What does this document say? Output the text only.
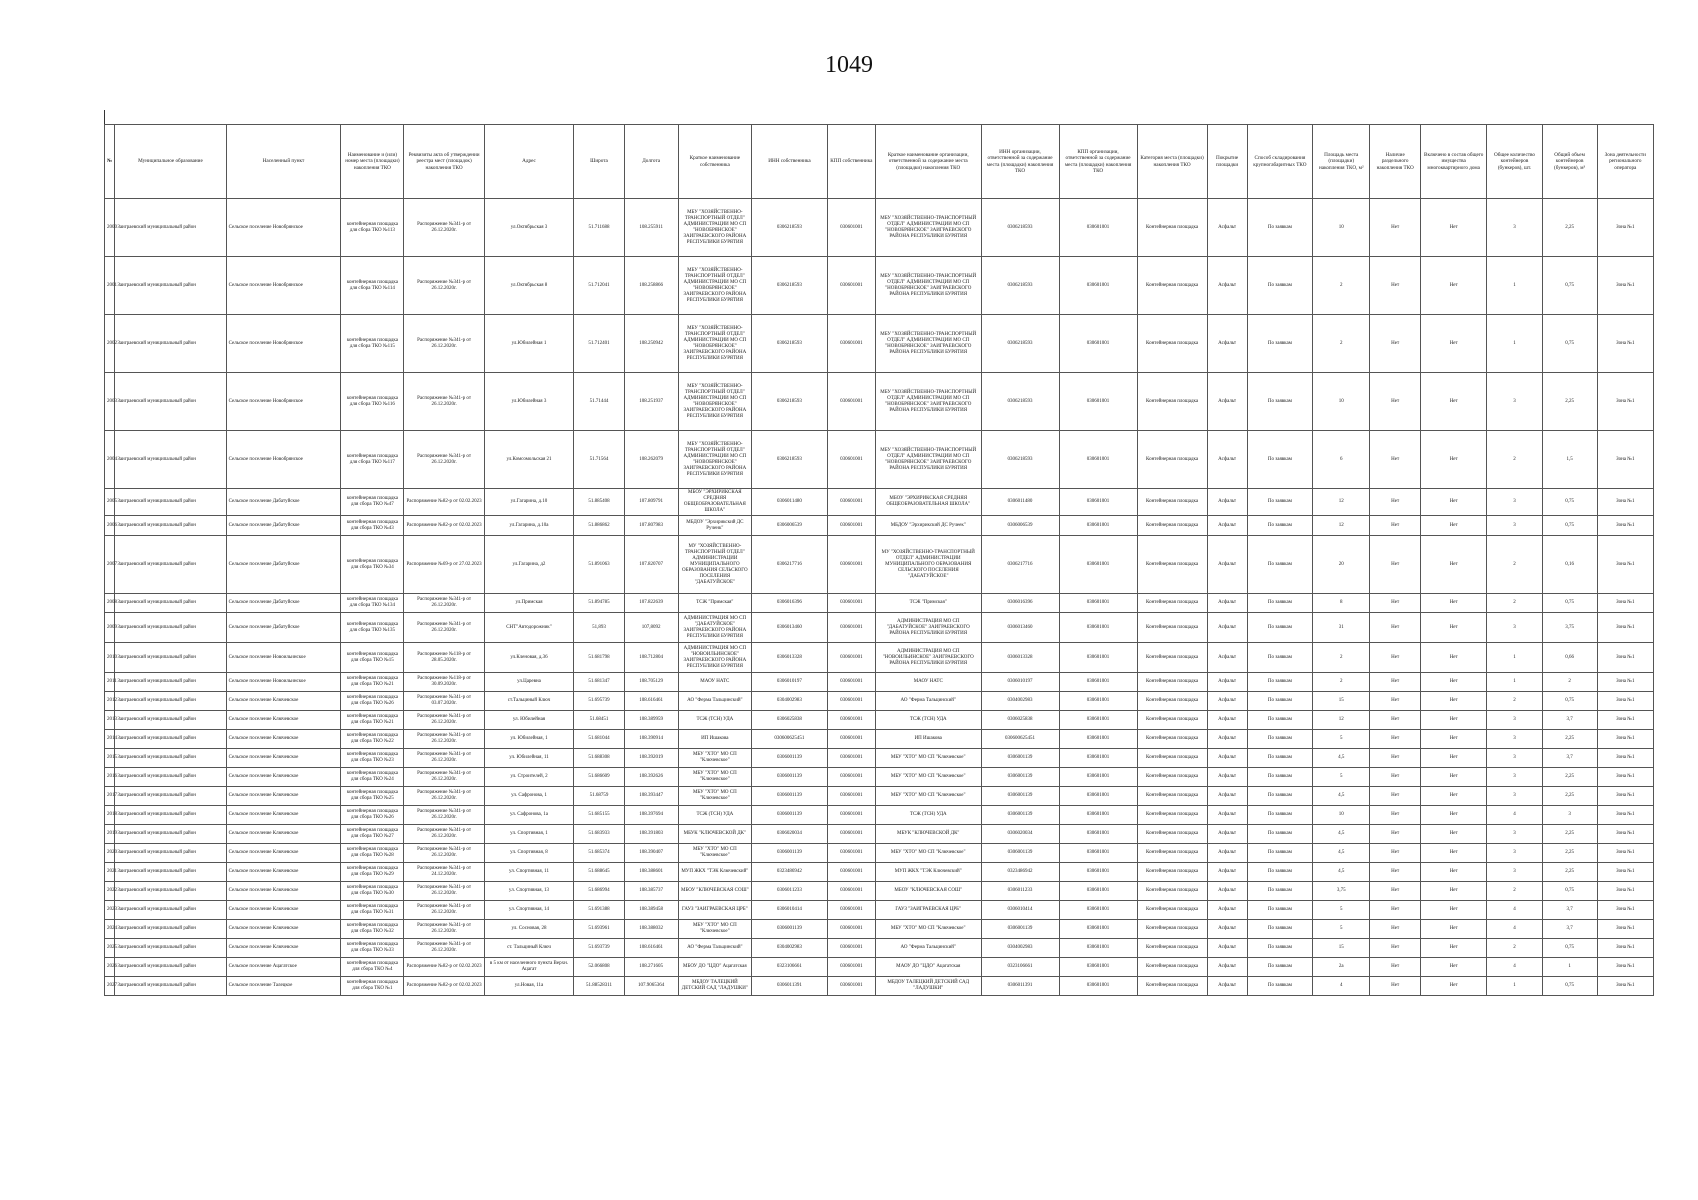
1049
№	Муниципальное образование	Населенный пункт	Наименование и (или) номер места (площадки) накопления ТКО	Реквизиты акта об утверждении реестра мест (площадок) накопления ТКО	Адрес	Широта	Долгота	Краткое наименование собственника	ИНН собственника	КПП собственника	Краткое наименование организации, ответственной за содержание места (площадки) накопления ТКО	ИНН организации, ответственной за содержание места (площадки) накопления ТКО	КПП организации, ответственной за содержание места (площадки) накопления ТКО	Категория места (площадки) накопления ТКО	Покрытие площадки	Способ складирования крупногабаритных ТКО	Площадь места (площадки) накопления ТКО, м²	Наличие раздельного накопления ТКО	Включено в состав общего имущества многоквартирного дома	Общее количество контейнеров (бункеров), шт.	Общий объем контейнеров (бункеров), м³	Зона деятельности регионального оператора
2000	Заиграевский муниципальный район	Сельское поселение Новобрянское	контейнерная площадка для сбора ТКО №113	Распоряжение №341-р от 26.12.2020г.	ул.Октябрьская 3	51.711688	108.255911	МБУ "ХОЗЯЙСТВЕННО-ТРАНСПОРТНЫЙ ОТДЕЛ" АДМИНИСТРАЦИИ МО СП "НОВОБРЯНСКОЕ" ЗАИГРАЕВСКОГО РАЙОНА РЕСПУБЛИКИ БУРЯТИЯ	0306218593	030601001	МБУ "ХОЗЯЙСТВЕННО-ТРАНСПОРТНЫЙ ОТДЕЛ" АДМИНИСТРАЦИИ МО СП "НОВОБРЯНСКОЕ" ЗАИГРАЕВСКОГО РАЙОНА РЕСПУБЛИКИ БУРЯТИЯ	0306218593	030601001	Контейнерная площадка	Асфальт	По заявкам	10	Нет	Нет	3	2,25	Зона №1
2001	Заиграевский муниципальный район	Сельское поселение Новобрянское	контейнерная площадка для сбора ТКО №114	Распоряжение №341-р от 26.12.2020г.	ул.Октябрьская 8	51.712041	108.258866	МБУ "ХОЗЯЙСТВЕННО-ТРАНСПОРТНЫЙ ОТДЕЛ" АДМИНИСТРАЦИИ МО СП "НОВОБРЯНСКОЕ" ЗАИГРАЕВСКОГО РАЙОНА РЕСПУБЛИКИ БУРЯТИЯ	0306218593	030601001	МБУ "ХОЗЯЙСТВЕННО-ТРАНСПОРТНЫЙ ОТДЕЛ" АДМИНИСТРАЦИИ МО СП "НОВОБРЯНСКОЕ" ЗАИГРАЕВСКОГО РАЙОНА РЕСПУБЛИКИ БУРЯТИЯ	0306218593	030601001	Контейнерная площадка	Асфальт	По заявкам	2	Нет	Нет	1	0,75	Зона №1
2002	Заиграевский муниципальный район	Сельское поселение Новобрянское	контейнерная площадка для сбора ТКО №115	Распоряжение №341-р от 26.12.2020г.	ул.Юбилейная 1	51.712401	108.250942	МБУ "ХОЗЯЙСТВЕННО-ТРАНСПОРТНЫЙ ОТДЕЛ" АДМИНИСТРАЦИИ МО СП "НОВОБРЯНСКОЕ" ЗАИГРАЕВСКОГО РАЙОНА РЕСПУБЛИКИ БУРЯТИЯ	0306218593	030601001	МБУ "ХОЗЯЙСТВЕННО-ТРАНСПОРТНЫЙ ОТДЕЛ" АДМИНИСТРАЦИИ МО СП "НОВОБРЯНСКОЕ" ЗАИГРАЕВСКОГО РАЙОНА РЕСПУБЛИКИ БУРЯТИЯ	0306218593	030601001	Контейнерная площадка	Асфальт	По заявкам	2	Нет	Нет	1	0,75	Зона №1
2003	Заиграевский муниципальный район	Сельское поселение Новобрянское	контейнерная площадка для сбора ТКО №116	Распоряжение №341-р от 26.12.2020г.	ул.Юбилейная 3	51.71444	108.251937	МБУ "ХОЗЯЙСТВЕННО-ТРАНСПОРТНЫЙ ОТДЕЛ" АДМИНИСТРАЦИИ МО СП "НОВОБРЯНСКОЕ" ЗАИГРАЕВСКОГО РАЙОНА РЕСПУБЛИКИ БУРЯТИЯ	0306218593	030601001	МБУ "ХОЗЯЙСТВЕННО-ТРАНСПОРТНЫЙ ОТДЕЛ" АДМИНИСТРАЦИИ МО СП "НОВОБРЯНСКОЕ" ЗАИГРАЕВСКОГО РАЙОНА РЕСПУБЛИКИ БУРЯТИЯ	0306218593	030601001	Контейнерная площадка	Асфальт	По заявкам	10	Нет	Нет	3	2,25	Зона №1
2004	Заиграевский муниципальный район	Сельское поселение Новобрянское	контейнерная площадка для сбора ТКО №117	Распоряжение №341-р от 26.12.2020г.	ул.Комсомольская 21	51.71564	108.262079	МБУ "ХОЗЯЙСТВЕННО-ТРАНСПОРТНЫЙ ОТДЕЛ" АДМИНИСТРАЦИИ МО СП "НОВОБРЯНСКОЕ" ЗАИГРАЕВСКОГО РАЙОНА РЕСПУБЛИКИ БУРЯТИЯ	0306218593	030601001	МБУ "ХОЗЯЙСТВЕННО-ТРАНСПОРТНЫЙ ОТДЕЛ" АДМИНИСТРАЦИИ МО СП "НОВОБРЯНСКОЕ" ЗАИГРАЕВСКОГО РАЙОНА РЕСПУБЛИКИ БУРЯТИЯ	0306218593	030601001	Контейнерная площадка	Асфальт	По заявкам	6	Нет	Нет	2	1,5	Зона №1
2005	Заиграевский муниципальный район	Сельское поселение Дабатуйское	контейнерная площадка для сбора ТКО №47	Распоряжение №82-р от 02.02.2023	ул.Гагарина, д.10	51.885408	107.809791	МБОУ "ЭРХИРИКСКАЯ СРЕДНЯЯ ОБЩЕОБРАЗОВАТЕЛЬНАЯ ШКОЛА"	0306011480	030601001	МБОУ "ЭРХИРИКСКАЯ СРЕДНЯЯ ОБЩЕОБРАЗОВАТЕЛЬНАЯ ШКОЛА"	0306011480	030601001	Контейнерная площадка	Асфальт	По заявкам	12	Нет	Нет	3	0,75	Зона №1
2006	Заиграевский муниципальный район	Сельское поселение Дабатуйское	контейнерная площадка для сбора ТКО №43	Распоряжение №82-р от 02.02.2023	ул.Гагарина, д.10а	51.886862	107.807983	МБДОУ "Эрхирикский ДС Рученк"	0306006539	030601001	МБДОУ "Эрхирикский ДС Ручеек"	0306006539	030601001	Контейнерная площадка	Асфальт	По заявкам	12	Нет	Нет	3	0,75	Зона №1
2007	Заиграевский муниципальный район	Сельское поселение Дабатуйское	контейнерная площадка для сбора ТКО №34	Распоряжение №69-р от 27.02.2023	ул.Гагарина, д2	51.891063	107.820707	МУ "ХОЗЯЙСТВЕННО-ТРАНСПОРТНЫЙ ОТДЕЛ" АДМИНИСТРАЦИИ МУНИЦИПАЛЬНОГО ОБРАЗОВАНИЯ СЕЛЬСКОГО ПОСЕЛЕНИЯ "ДАБАТУЙСКОЕ"	0306217716	030601001	МУ "ХОЗЯЙСТВЕННО-ТРАНСПОРТНЫЙ ОТДЕЛ" АДМИНИСТРАЦИИ МУНИЦИПАЛЬНОГО ОБРАЗОВАНИЯ СЕЛЬСКОГО ПОСЕЛЕНИЯ "ДАБАТУЙСКОЕ"	0306217716	030601001	Контейнерная площадка	Асфальт	По заявкам	20	Нет	Нет	2	0,16	Зона №1
2008	Заиграевский муниципальный район	Сельское поселение Дабатуйское	контейнерная площадка для сбора ТКО №134	Распоряжение №341-р от 26.12.2020г.	ул.Примская	51.894785	107.822639	ТСЖ "Примская"	0306016396	030601001	ТСЖ "Примская"	0306016396	030601001	Контейнерная площадка	Асфальт	По заявкам	8	Нет	Нет	2	0,75	Зона №1
2009	Заиграевский муниципальный район	Сельское поселение Дабатуйское	контейнерная площадка для сбора ТКО №135	Распоряжение №341-р от 26.12.2020г.	СНТ"Автодорожник"	51,893	107,8092	АДМИНИСТРАЦИЯ МО СП "ДАБАТУЙСКОЕ" ЗАИГРАЕВСКОГО РАЙОНА РЕСПУБЛИКИ БУРЯТИЯ	0306013460	030601001	АДМИНИСТРАЦИЯ МО СП "ДАБАТУЙСКОЕ" ЗАИГРАЕВСКОГО РАЙОНА РЕСПУБЛИКИ БУРЯТИЯ	0306013460	030601001	Контейнерная площадка	Асфальт	По заявкам	31	Нет	Нет	3	3,75	Зона №1
2010	Заиграевский муниципальный район	Сельское поселение Новоильинское	контейнерная площадка для сбора ТКО №15	Распоряжение №118-р от 28.05.2020г.	ул.Кленовая, д.36	51.681798	108.712804	АДМИНИСТРАЦИЯ МО СП "НОВОИЛЬИНСКОЕ" ЗАИГРАЕВСКОГО РАЙОНА РЕСПУБЛИКИ БУРЯТИЯ	0306013328	030601001	АДМИНИСТРАЦИЯ МО СП "НОВОИЛЬИНСКОЕ" ЗАИГРАЕВСКОГО РАЙОНА РЕСПУБЛИКИ БУРЯТИЯ	0306013328	030601001	Контейнерная площадка	Асфальт	По заявкам	2	Нет	Нет	1	0,66	Зона №1
2011	Заиграевский муниципальный район	Сельское поселение Новоильинское	контейнерная площадка для сбора ТКО №21	Распоряжение №118-р от 30.09.2020г.	ул.Царевна	51.681347	108.705129	МАОУ НАТС	0306010197	030601001	МАОУ НАТС	0306010197	030601001	Контейнерная площадка	Асфальт	По заявкам	2	Нет	Нет	1	2	Зона №1
2012	Заиграевский муниципальный район	Сельское поселение Ключевское	контейнерная площадка для сбора ТКО №26	Распоряжение №341-р от 03.07.2020г.	ст.Тальциный Ключ	51.695739	108.616461	АО "Ферма Тальцинский"	0304002983	030601001	АО "Ферма Тальцинский"	0304002983	030601001	Контейнерная площадка	Асфальт	По заявкам	15	Нет	Нет	2	0,75	Зона №1
2013	Заиграевский муниципальный район	Сельское поселение Ключевское	контейнерная площадка для сбора ТКО №21	Распоряжение №341-р от 26.12.2020г.	ул. Юбилейная	51.68451	108.389959	ТСЖ (ТСН) УДА	0306025838	030601001	ТСЖ (ТСН) УДА	0306025838	030601001	Контейнерная площадка	Асфальт	По заявкам	12	Нет	Нет	3	3,7	Зона №1
2014	Заиграевский муниципальный район	Сельское поселение Ключевское	контейнерная площадка для сбора ТКО №22	Распоряжение №341-р от 26.12.2020г.	ул. Юбилейная, 1	51.681044	108.390914	ИП Ишакова	030600625451	030601001	ИП Ишакова	030600625451	030601001	Контейнерная площадка	Асфальт	По заявкам	5	Нет	Нет	3	2,25	Зона №1
2015	Заиграевский муниципальный район	Сельское поселение Ключевское	контейнерная площадка для сбора ТКО №23	Распоряжение №341-р от 26.12.2020г.	ул. Юбилейная, 11	51.688308	108.392019	МБУ "ХТО" МО СП "Ключевское"	0306001139	030601001	МБУ "ХТО" МО СП "Ключевское"	0306001139	030601001	Контейнерная площадка	Асфальт	По заявкам	4,5	Нет	Нет	3	3,7	Зона №1
2016	Заиграевский муниципальный район	Сельское поселение Ключевское	контейнерная площадка для сбора ТКО №24	Распоряжение №341-р от 26.12.2020г.	ул. Строителей, 2	51.686609	108.392626	МБУ "ХТО" МО СП "Ключевское"	0306001139	030601001	МБУ "ХТО" МО СП "Ключевское"	0306001139	030601001	Контейнерная площадка	Асфальт	По заявкам	5	Нет	Нет	3	2,25	Зона №1
2017	Заиграевский муниципальный район	Сельское поселение Ключевское	контейнерная площадка для сбора ТКО №25	Распоряжение №341-р от 26.12.2020г.	ул. Сафронова, 1	51.68759	108.393447	МБУ "ХТО" МО СП "Ключевское"	0306001139	030601001	МБУ "ХТО" МО СП "Ключевское"	0306001139	030601001	Контейнерная площадка	Асфальт	По заявкам	4,5	Нет	Нет	3	2,25	Зона №1
2018	Заиграевский муниципальный район	Сельское поселение Ключевское	контейнерная площадка для сбора ТКО №26	Распоряжение №341-р от 26.12.2020г.	ул. Сафронова, 1а	51.685155	108.397694	ТСЖ (ТСН) УДА	0306001139	030601001	ТСЖ (ТСН) УДА	0306001139	030601001	Контейнерная площадка	Асфальт	По заявкам	10	Нет	Нет	4	3	Зона №1
2019	Заиграевский муниципальный район	Сельское поселение Ключевское	контейнерная площадка для сбора ТКО №27	Распоряжение №341-р от 26.12.2020г.	ул. Спортивная, 1	51.683933	108.391803	МБУК "КЛЮЧЕВСКОЙ ДК"	0306020034	030601001	МБУК "КЛЮЧЕВСКОЙ ДК"	0306020034	030601001	Контейнерная площадка	Асфальт	По заявкам	4,5	Нет	Нет	3	2,25	Зона №1
2020	Заиграевский муниципальный район	Сельское поселение Ключевское	контейнерная площадка для сбора ТКО №28	Распоряжение №341-р от 26.12.2020г.	ул. Спортивная, 8	51.685374	108.390407	МБУ "ХТО" МО СП "Ключевское"	0306001139	030601001	МБУ "ХТО" МО СП "Ключевское"	0306001139	030601001	Контейнерная площадка	Асфальт	По заявкам	4,5	Нет	Нет	3	2,25	Зона №1
2021	Заиграевский муниципальный район	Сельское поселение Ключевское	контейнерная площадка для сбора ТКО №29	Распоряжение №341-р от 24.12.2020г.	ул. Спортивная, 11	51.688645	108.388601	МУП ЖКХ "ТЭК Ключевский"	0323486942	030601001	МУП ЖКХ "ТЭК Ключевский"	0323486942	030601001	Контейнерная площадка	Асфальт	По заявкам	4,5	Нет	Нет	3	2,25	Зона №1
2022	Заиграевский муниципальный район	Сельское поселение Ключевское	контейнерная площадка для сбора ТКО №30	Распоряжение №341-р от 26.12.2020г.	ул. Спортивная, 13	51.686994	108.385737	МБОУ "КЛЮЧЕВСКАЯ СОШ"	0306011233	030601001	МБОУ "КЛЮЧЕВСКАЯ СОШ"	0306011233	030601001	Контейнерная площадка	Асфальт	По заявкам	3,75	Нет	Нет	2	0,75	Зона №1
2023	Заиграевский муниципальный район	Сельское поселение Ключевское	контейнерная площадка для сбора ТКО №31	Распоряжение №341-р от 26.12.2020г.	ул. Спортивная, 14	51.691388	108.389458	ГАУЗ "ЗАИГРАЕВСКАЯ ЦРБ"	0306010414	030601001	ГАУЗ "ЗАИГРАЕВСКАЯ ЦРБ"	0306010414	030601001	Контейнерная площадка	Асфальт	По заявкам	5	Нет	Нет	4	3,7	Зона №1
2024	Заиграевский муниципальный район	Сельское поселение Ключевское	контейнерная площадка для сбора ТКО №32	Распоряжение №341-р от 26.12.2020г.	ул. Сосновая, 28	51.693961	108.388032	МБУ "ХТО" МО СП "Ключевское"	0306001139	030601001	МБУ "ХТО" МО СП "Ключевское"	0306001139	030601001	Контейнерная площадка	Асфальт	По заявкам	5	Нет	Нет	4	3,7	Зона №1
2025	Заиграевский муниципальный район	Сельское поселение Ключевское	контейнерная площадка для сбора ТКО №33	Распоряжение №341-р от 26.12.2020г.	ст. Тальциный Ключ	51.693739	108.616461	АО "Ферма Тальцинский"	0304002983	030601001	АО "Ферма Тальцинский"	0304002983	030601001	Контейнерная площадка	Асфальт	По заявкам	15	Нет	Нет	2	0,75	Зона №1
2026	Заиграевский муниципальный район	Сельское поселение Ацагатское	контейнерная площадка для сбора ТКО №4	Распоряжение №82-р от 02.02.2023	в 5 км от населенного пункта Верхн. Ацагат	52.066808	108.271605	МБОУ ДО "ЦДО" Ацагатская	0323106661	030601001	МАОУ ДО "ЦДО" Ацагатская	0323106661	030601001	Контейнерная площадка	Асфальт	По заявкам	2а	Нет	Нет	4	1	Зона №1
2027	Заиграевский муниципальный район	Сельское поселение Талецкое	контейнерная площадка для сбора ТКО №1	Распоряжение №82-р от 02.02.2023	ул.Новая, 11а	51.88528311	107.9065364	МБДОУ ТАЛЕЦКИЙ ДЕТСКИЙ САД "ЛАДУШКИ"	0306011391	030601001	МБДОУ ТАЛЕЦКИЙ ДЕТСКИЙ САД "ЛАДУШКИ"	0306011391	030601001	Контейнерная площадка	Асфальт	По заявкам	4	Нет	Нет	1	0,75	Зона №1
